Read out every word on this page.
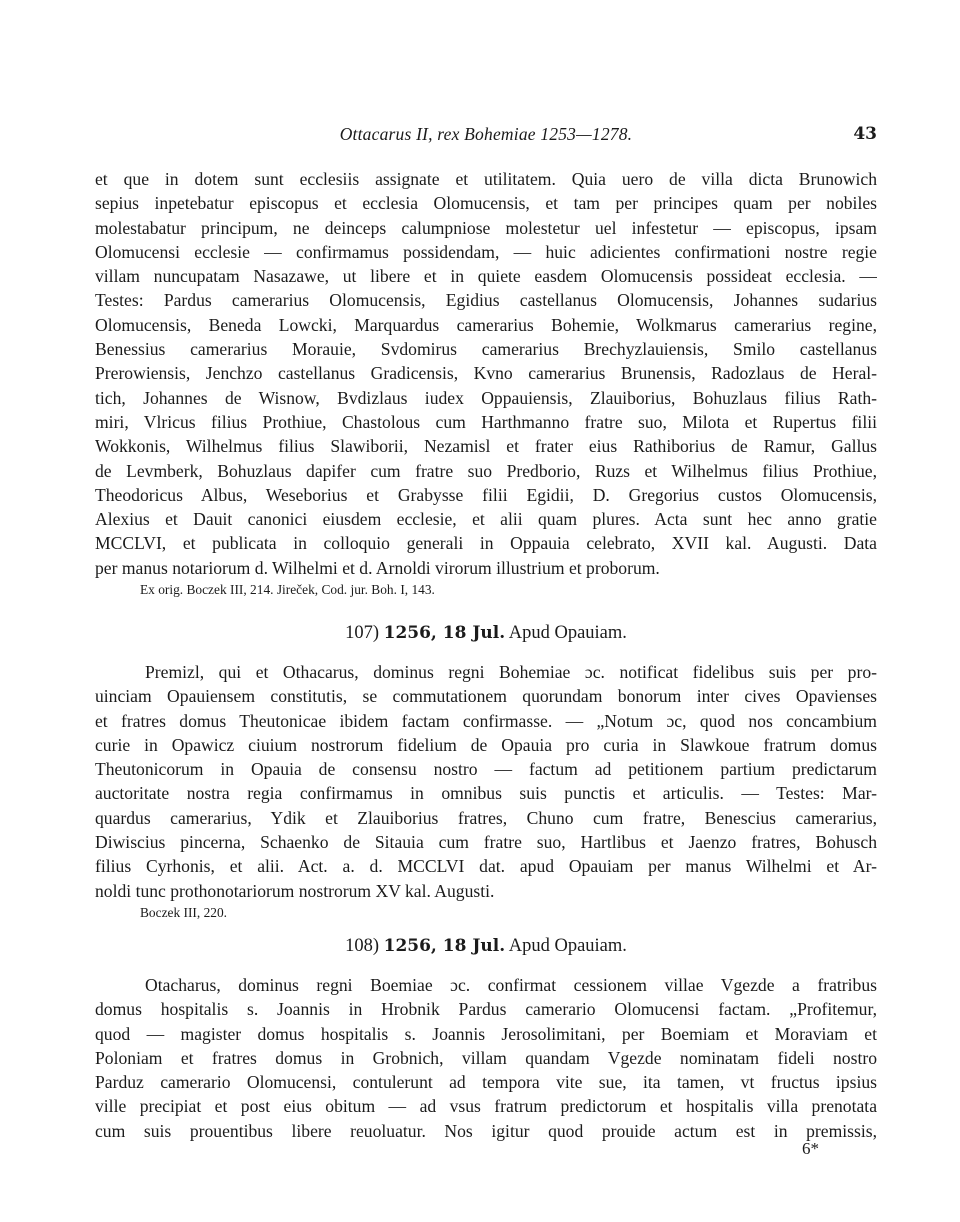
Ottacarus II, rex Bohemiae 1253—1278.	43
et que in dotem sunt ecclesiis assignate et utilitatem. Quia uero de villa dicta Brunowich
sepius inpetebatur episcopus et ecclesia Olomucensis, et tam per principes quam per nobiles
molestabatur principum, ne deinceps calumpniose molestetur uel infestetur — episcopus, ipsam
Olomucensi ecclesie — confirmamus possidendam, — huic adicientes confirmationi nostre regie
villam nuncupatam Nasazawe, ut libere et in quiete easdem Olomucensis possideat ecclesia. —
Testes: Pardus camerarius Olomucensis, Egidius castellanus Olomucensis, Johannes sudarius
Olomucensis, Beneda Lowcki, Marquardus camerarius Bohemie, Wolkmarus camerarius regine,
Benessius camerarius Morauie, Svdomirus camerarius Brechyzlauiensis, Smilo castellanus
Prerowiensis, Jenchzo castellanus Gradicensis, Kvno camerarius Brunensis, Radozlaus de Heral-
tich, Johannes de Wisnow, Bvdizlaus iudex Oppauiensis, Zlauiborius, Bohuzlaus filius Rath-
miri, Vlricus filius Prothiue, Chastolous cum Harthmanno fratre suo, Milota et Rupertus filii
Wokkonis, Wilhelmus filius Slawiborii, Nezamisl et frater eius Rathiborius de Ramur, Gallus
de Levmberk, Bohuzlaus dapifer cum fratre suo Predborio, Ruzs et Wilhelmus filius Prothiue,
Theodoricus Albus, Weseborius et Grabysse filii Egidii, D. Gregorius custos Olomucensis,
Alexius et Dauit canonici eiusdem ecclesie, et alii quam plures. Acta sunt hec anno gratie
MCCLVI, et publicata in colloquio generali in Oppauia celebrato, XVII kal. Augusti. Data
per manus notariorum d. Wilhelmi et d. Arnoldi virorum illustrium et proborum.
Ex orig. Boczek III, 214. Jireček, Cod. jur. Boh. I, 143.
107) 1256, 18 Jul. Apud Opauiam.
Premizl, qui et Othacarus, dominus regni Bohemiae ɔc. notificat fidelibus suis per pro-
uinciam Opauiensem constitutis, se commutationem quorundam bonorum inter cives Opavienses
et fratres domus Theutonicae ibidem factam confirmasse. — „Notum ɔc, quod nos concambium
curie in Opawicz ciuium nostrorum fidelium de Opauia pro curia in Slawkoue fratrum domus
Theutonicorum in Opauia de consensu nostro — factum ad petitionem partium predictarum
auctoritate nostra regia confirmamus in omnibus suis punctis et articulis. — Testes: Mar-
quardus camerarius, Ydik et Zlauiborius fratres, Chuno cum fratre, Benescius camerarius,
Diwiscius pincerna, Schaenko de Sitauia cum fratre suo, Hartlibus et Jaenzo fratres, Bohusch
filius Cyrhonis, et alii. Act. a. d. MCCLVI dat. apud Opauiam per manus Wilhelmi et Ar-
noldi tunc prothonotariorum nostrorum XV kal. Augusti.
Boczek III, 220.
108) 1256, 18 Jul. Apud Opauiam.
Otacharus, dominus regni Boemiae ɔc. confirmat cessionem villae Vgezde a fratribus
domus hospitalis s. Joannis in Hrobnik Pardus camerario Olomucensi factam. „Profitemur,
quod — magister domus hospitalis s. Joannis Jerosolimitani, per Boemiam et Moraviam et
Poloniam et fratres domus in Grobnich, villam quandam Vgezde nominatam fideli nostro
Parduz camerario Olomucensi, contulerunt ad tempora vite sue, ita tamen, vt fructus ipsius
ville precipiat et post eius obitum — ad vsus fratrum predictorum et hospitalis villa prenotata
cum suis prouentibus libere reuoluatur. Nos igitur quod prouide actum est in premissis,
6*
